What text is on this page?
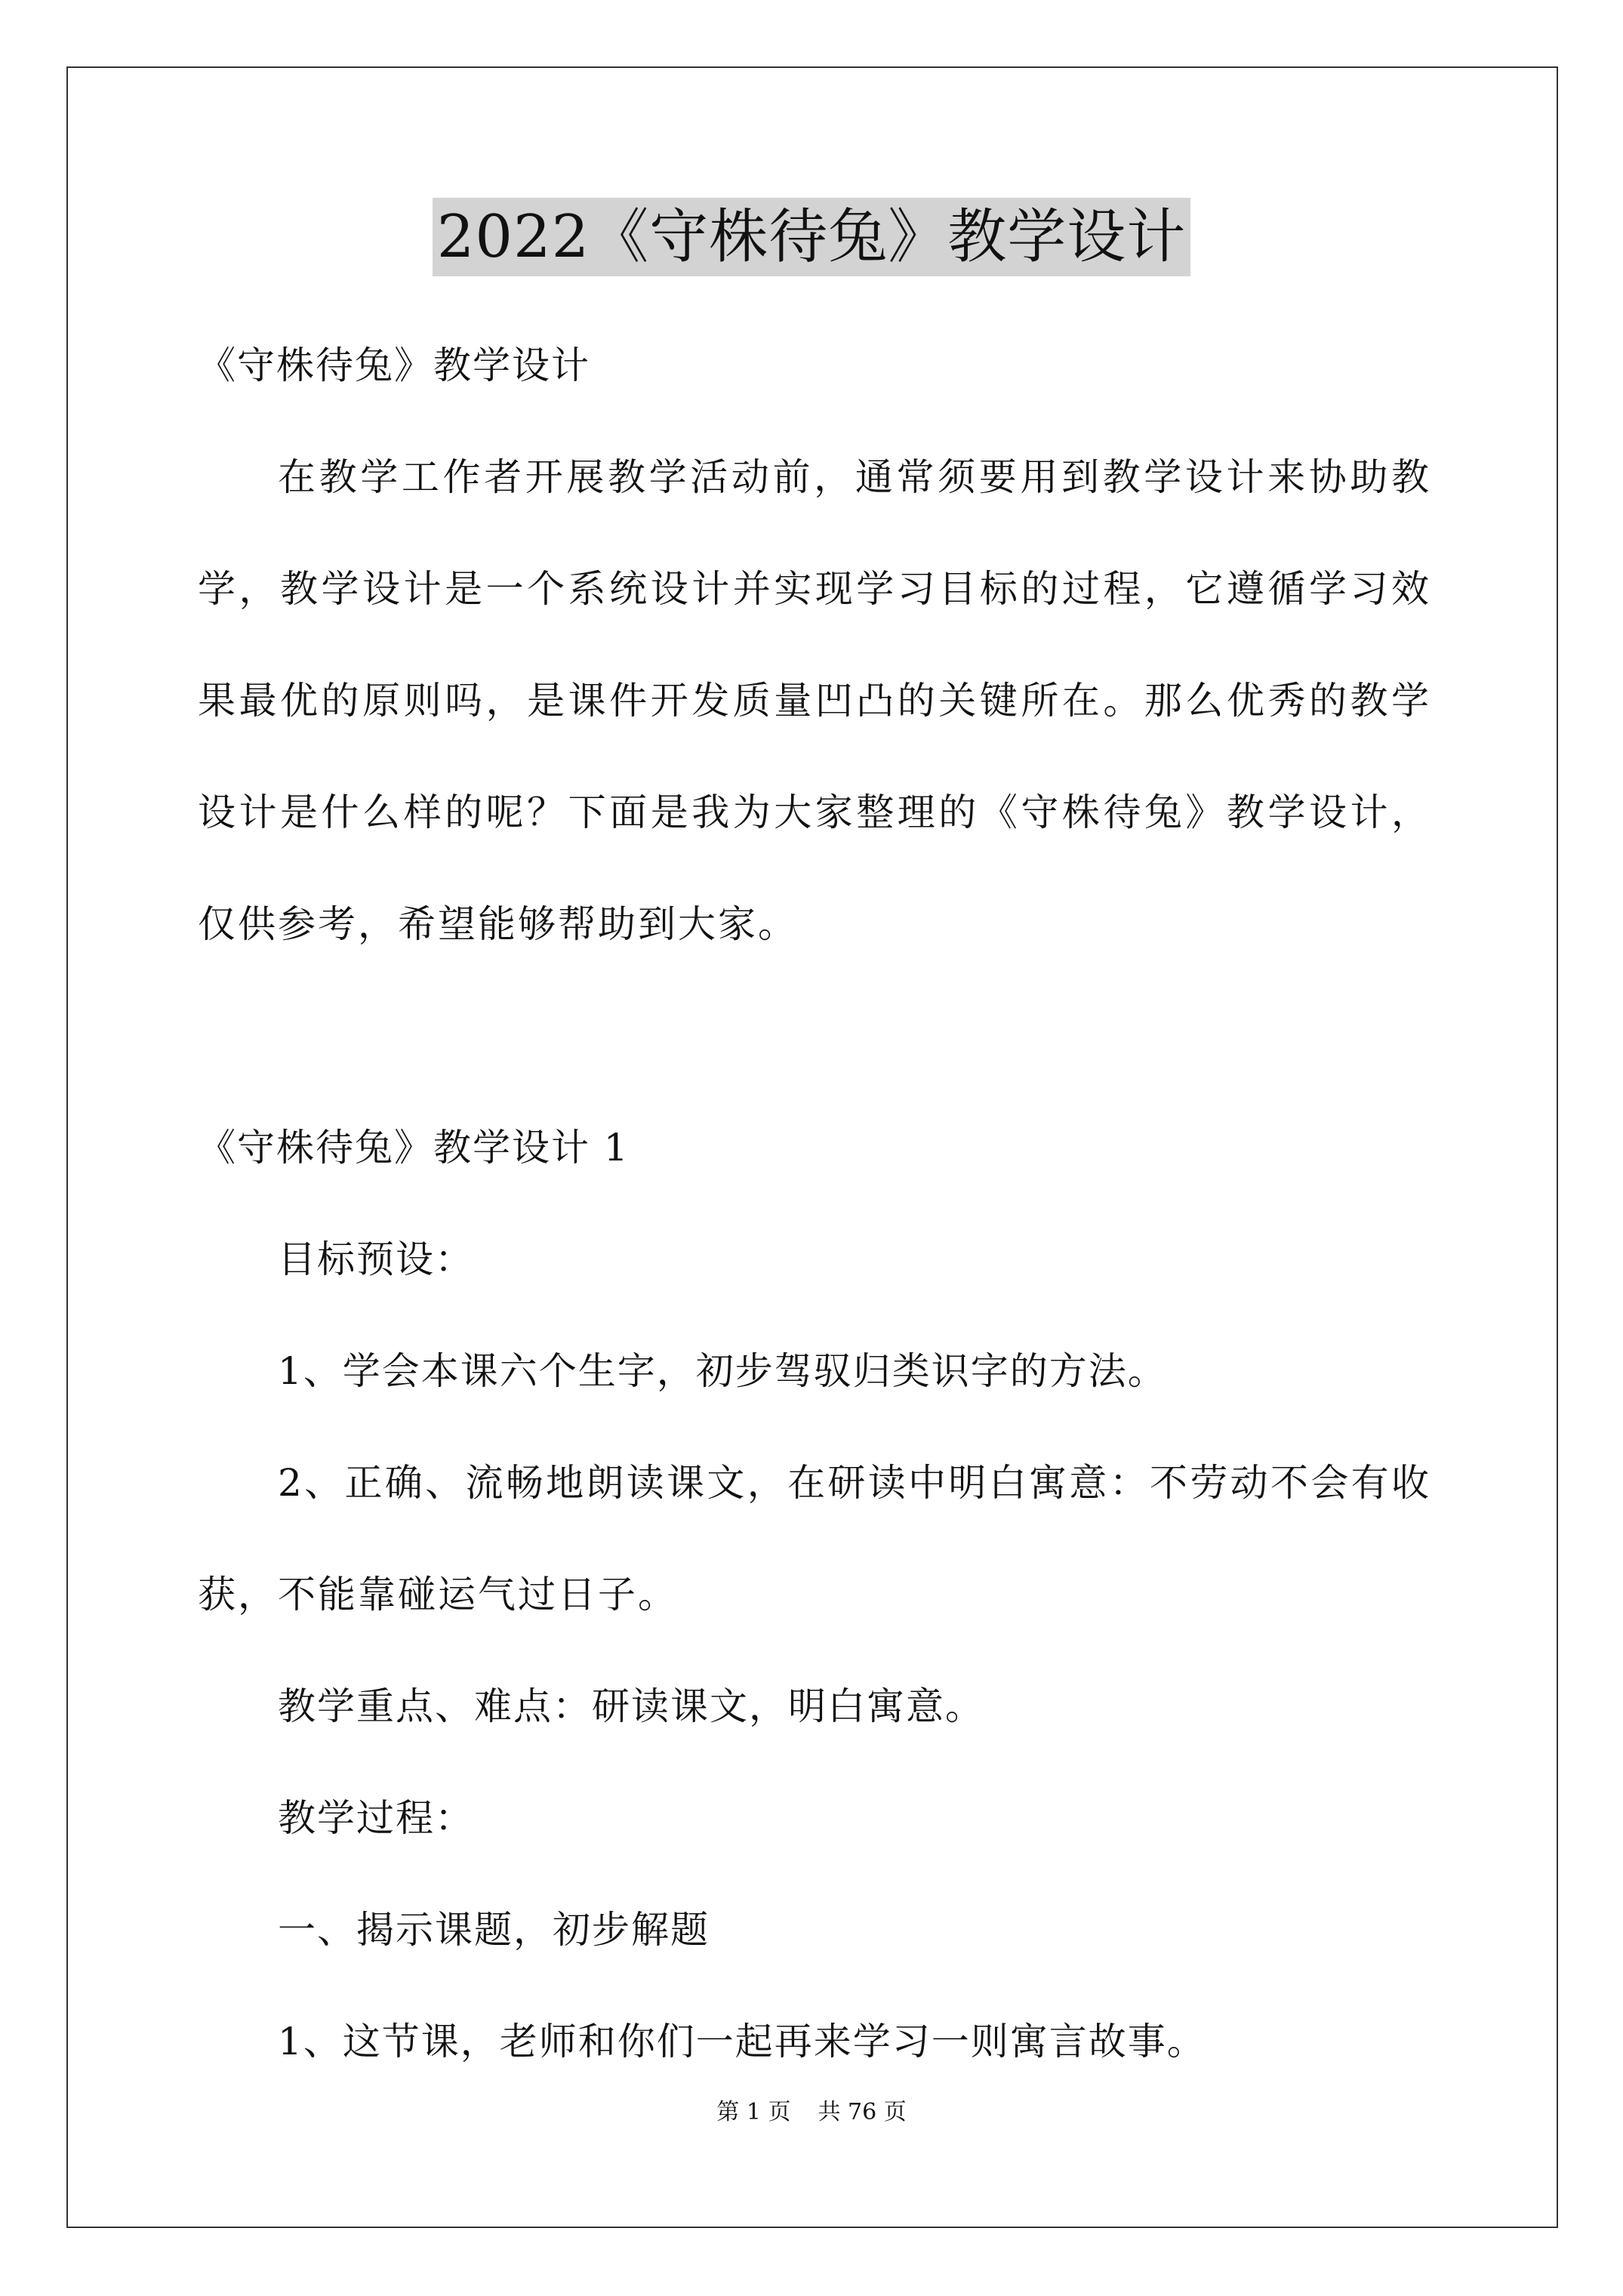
2022《守株待兔》教学设计
《守株待兔》教学设计
在教学工作者开展教学活动前，通常须要用到教学设计来协助教学，教学设计是一个系统设计并实现学习目标的过程，它遵循学习效果最优的原则吗，是课件开发质量凹凸的关键所在。那么优秀的教学设计是什么样的呢？下面是我为大家整理的《守株待兔》教学设计，仅供参考，希望能够帮助到大家。
《守株待兔》教学设计 1
目标预设：
1、学会本课六个生字，初步驾驭归类识字的方法。
2、正确、流畅地朗读课文，在研读中明白寓意：不劳动不会有收获，不能靠碰运气过日子。
教学重点、难点：研读课文，明白寓意。
教学过程：
一、揭示课题，初步解题
1、这节课，老师和你们一起再来学习一则寓言故事。
第 1 页 共 76 页
